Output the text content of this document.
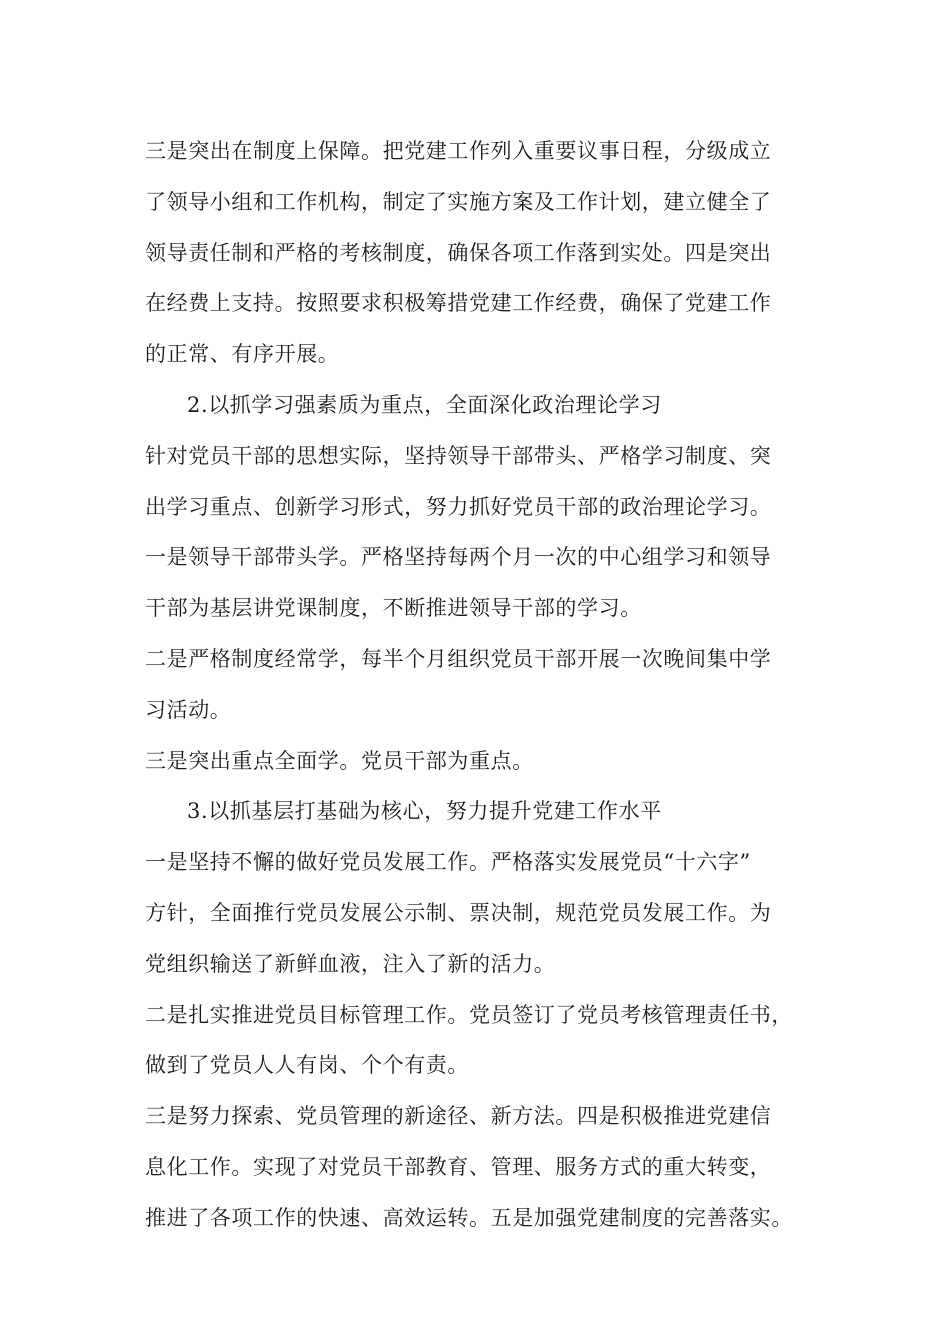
三是突出在制度上保障。把党建工作列入重要议事日程，分级成立
了领导小组和工作机构，制定了实施方案及工作计划，建立健全了
领导责任制和严格的考核制度，确保各项工作落到实处。四是突出
在经费上支持。按照要求积极筹措党建工作经费，确保了党建工作
的正常、有序开展。
2.以抓学习强素质为重点，全面深化政治理论学习
针对党员干部的思想实际，坚持领导干部带头、严格学习制度、突
出学习重点、创新学习形式，努力抓好党员干部的政治理论学习。
一是领导干部带头学。严格坚持每两个月一次的中心组学习和领导
干部为基层讲党课制度，不断推进领导干部的学习。
二是严格制度经常学，每半个月组织党员干部开展一次晚间集中学
习活动。
三是突出重点全面学。党员干部为重点。
3.以抓基层打基础为核心，努力提升党建工作水平
一是坚持不懈的做好党员发展工作。严格落实发展党员“十六字”
方针，全面推行党员发展公示制、票决制，规范党员发展工作。为
党组织输送了新鲜血液，注入了新的活力。
二是扎实推进党员目标管理工作。党员签订了党员考核管理责任书，
做到了党员人人有岗、个个有责。
三是努力探索、党员管理的新途径、新方法。四是积极推进党建信
息化工作。实现了对党员干部教育、管理、服务方式的重大转变，
推进了各项工作的快速、高效运转。五是加强党建制度的完善落实。
